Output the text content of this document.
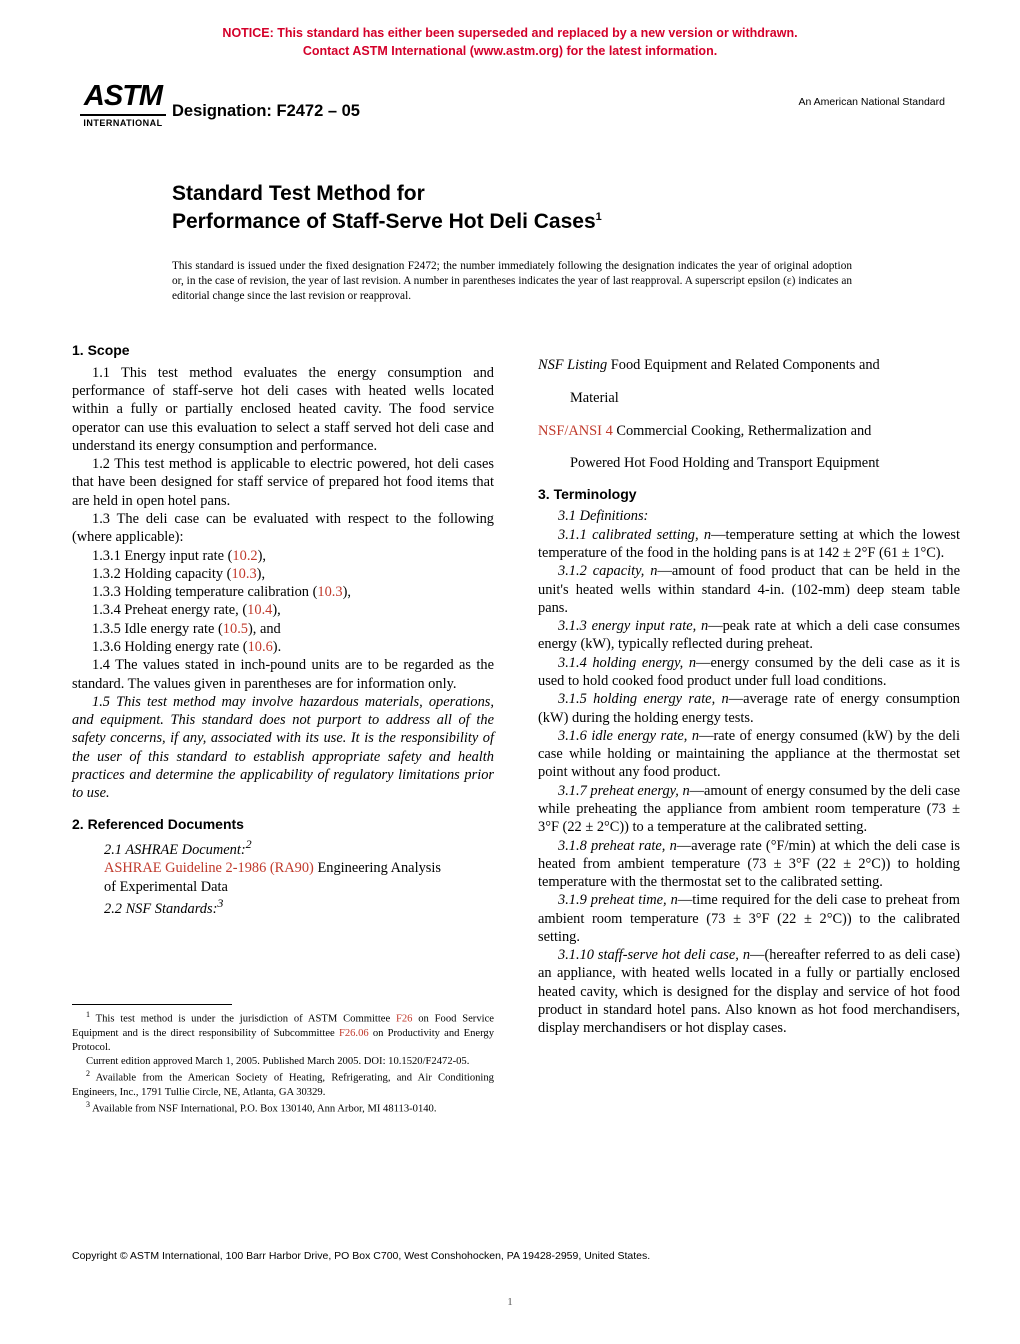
NOTICE: This standard has either been superseded and replaced by a new version or withdrawn.
Contact ASTM International (www.astm.org) for the latest information.
ASTM
INTERNATIONAL
Designation: F2472 – 05	An American National Standard
Standard Test Method for
Performance of Staff-Serve Hot Deli Cases$^1$
This standard is issued under the fixed designation F2472; the number immediately following the designation indicates the year of original adoption or, in the case of revision, the year of last revision. A number in parentheses indicates the year of last reapproval. A superscript epsilon (ε) indicates an editorial change since the last revision or reapproval.
1. Scope

1.1 This test method evaluates the energy consumption and performance of staff-serve hot deli cases with heated wells located within a fully or partially enclosed heated cavity. The food service operator can use this evaluation to select a staff served hot deli case and understand its energy consumption and performance.

1.2 This test method is applicable to electric powered, hot deli cases that have been designed for staff service of prepared hot food items that are held in open hotel pans.

1.3 The deli case can be evaluated with respect to the following (where applicable):

1.3.1 Energy input rate (10.2),

1.3.2 Holding capacity (10.3),

1.3.3 Holding temperature calibration (10.3),

1.3.4 Preheat energy rate, (10.4),

1.3.5 Idle energy rate (10.5), and

1.3.6 Holding energy rate (10.6).

1.4 The values stated in inch-pound units are to be regarded as the standard. The values given in parentheses are for information only.

1.5 This test method may involve hazardous materials, operations, and equipment. This standard does not purport to address all of the safety concerns, if any, associated with its use. It is the responsibility of the user of this standard to establish appropriate safety and health practices and determine the applicability of regulatory limitations prior to use.

2. Referenced Documents

2.1 ASHRAE Document:$^2$

ASHRAE Guideline 2-1986 (RA90) Engineering Analysis

of Experimental Data

2.2 NSF Standards:$^3$

NSF Listing Food Equipment and Related Components and

Material

NSF/ANSI 4 Commercial Cooking, Rethermalization and

Powered Hot Food Holding and Transport Equipment

3. Terminology

3.1 Definitions:

3.1.1 calibrated setting, n—temperature setting at which the lowest temperature of the food in the holding pans is at 142 ± 2°F (61 ± 1°C).

3.1.2 capacity, n—amount of food product that can be held in the unit's heated wells within standard 4-in. (102-mm) deep steam table pans.

3.1.3 energy input rate, n—peak rate at which a deli case consumes energy (kW), typically reflected during preheat.

3.1.4 holding energy, n—energy consumed by the deli case as it is used to hold cooked food product under full load conditions.

3.1.5 holding energy rate, n—average rate of energy consumption (kW) during the holding energy tests.

3.1.6 idle energy rate, n—rate of energy consumed (kW) by the deli case while holding or maintaining the appliance at the thermostat set point without any food product.

3.1.7 preheat energy, n—amount of energy consumed by the deli case while preheating the appliance from ambient room temperature (73 ± 3°F (22 ± 2°C)) to a temperature at the calibrated setting.

3.1.8 preheat rate, n—average rate (°F/min) at which the deli case is heated from ambient temperature (73 ± 3°F (22 ± 2°C)) to holding temperature with the thermostat set to the calibrated setting.

3.1.9 preheat time, n—time required for the deli case to preheat from ambient room temperature (73 ± 3°F (22 ± 2°C)) to the calibrated setting.

3.1.10 staff-serve hot deli case, n—(hereafter referred to as deli case) an appliance, with heated wells located in a fully or partially enclosed heated cavity, which is designed for the display and service of hot food product in standard hotel pans. Also known as hot food merchandisers, display merchandisers or hot display cases.

$^1$ This test method is under the jurisdiction of ASTM Committee F26 on Food Service Equipment and is the direct responsibility of Subcommittee F26.06 on Productivity and Energy Protocol.

Current edition approved March 1, 2005. Published March 2005. DOI: 10.1520/F2472-05.

$^2$ Available from the American Society of Heating, Refrigerating, and Air Conditioning Engineers, Inc., 1791 Tullie Circle, NE, Atlanta, GA 30329.

$^3$ Available from NSF International, P.O. Box 130140, Ann Arbor, MI 48113-0140.

Copyright © ASTM International, 100 Barr Harbor Drive, PO Box C700, West Conshohocken, PA 19428-2959, United States.
1
